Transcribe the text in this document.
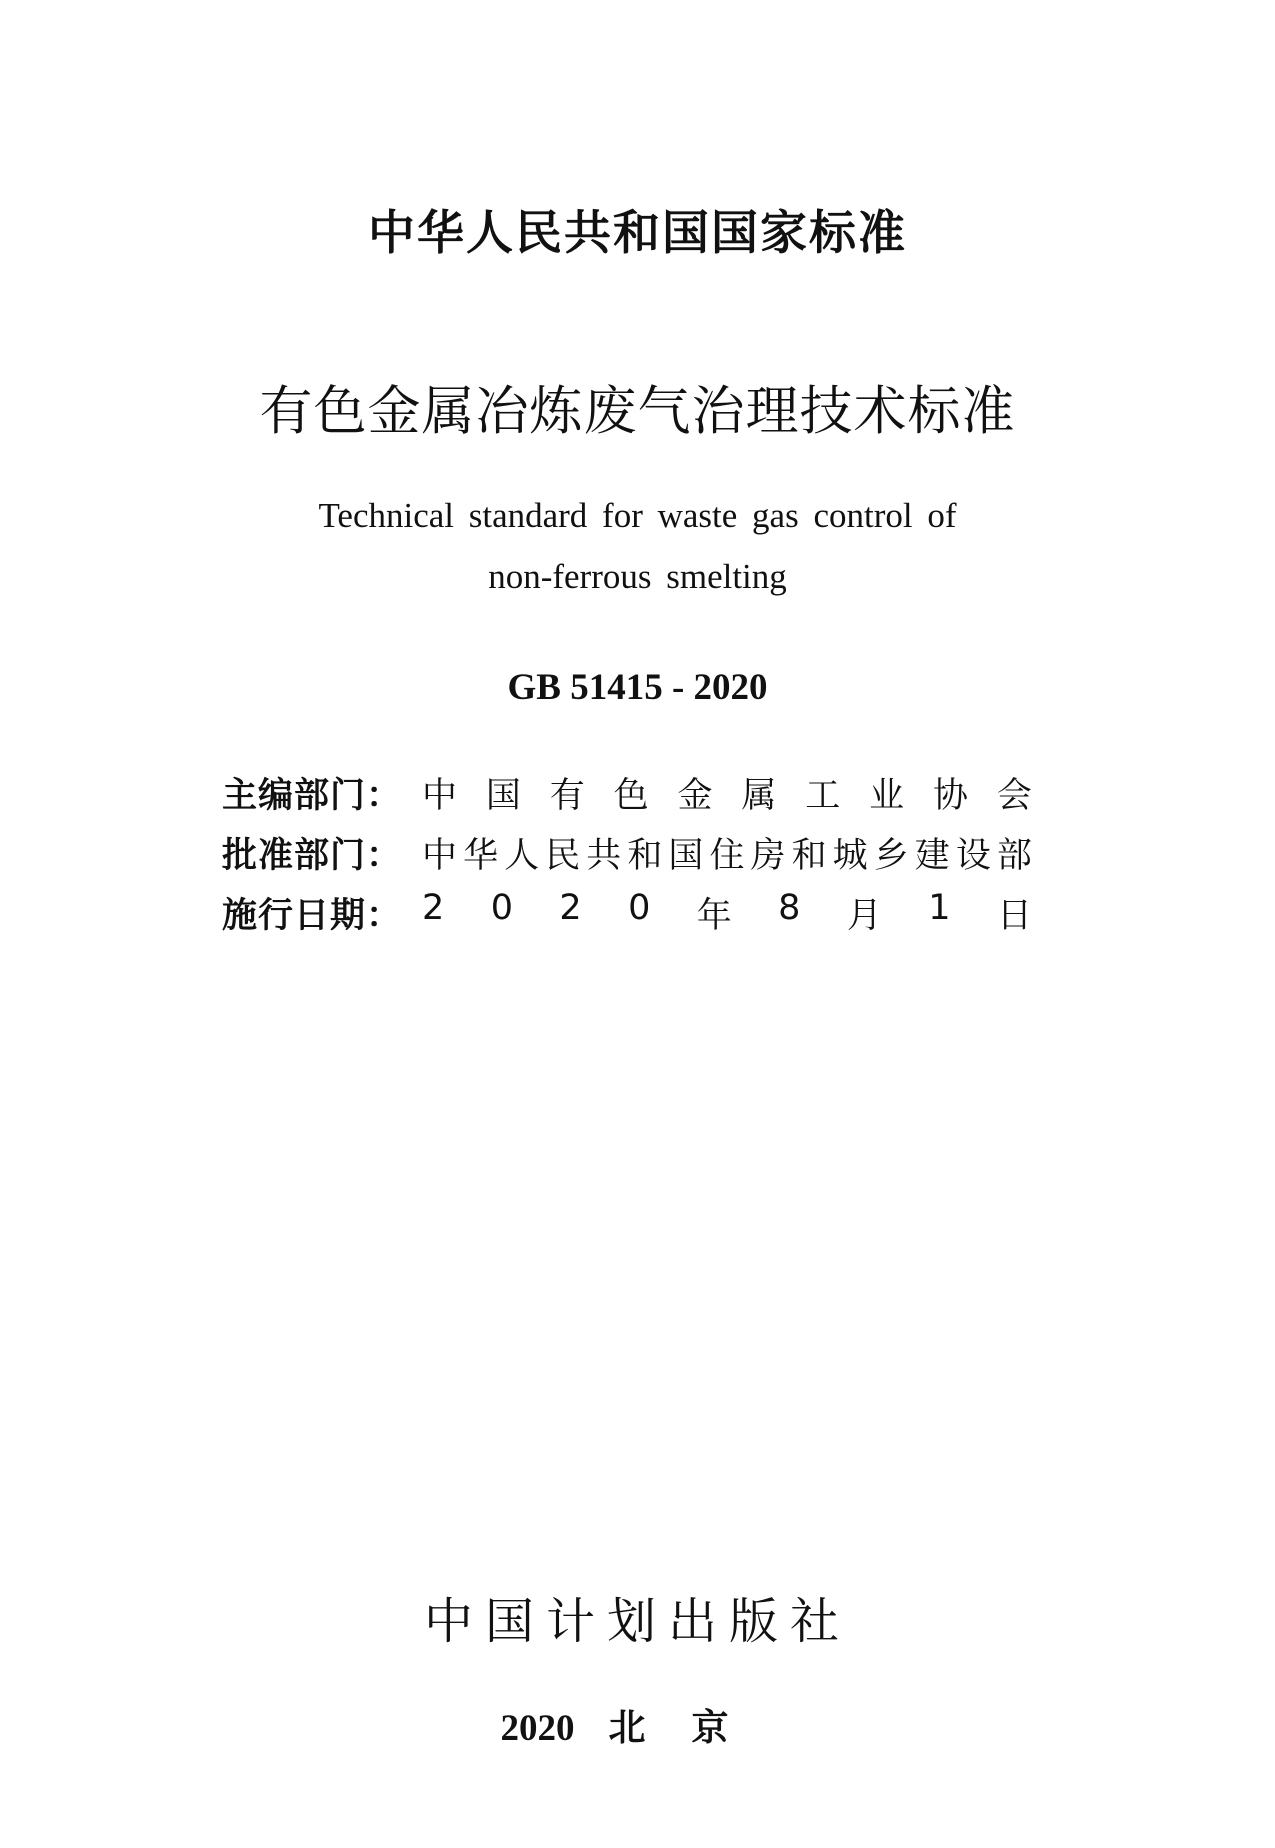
中华人民共和国国家标准
有色金属冶炼废气治理技术标准
Technical standard for waste gas control of
non-ferrous smelting
GB 51415 - 2020
主编部门： 中 国 有 色 金 属 工 业 协 会
批准部门： 中 华 人 民 共 和 国 住 房 和 城 乡 建 设 部
施行日期： 2 0 2 0 年 8 月 1 日
中国计划出版社
2020 北京
